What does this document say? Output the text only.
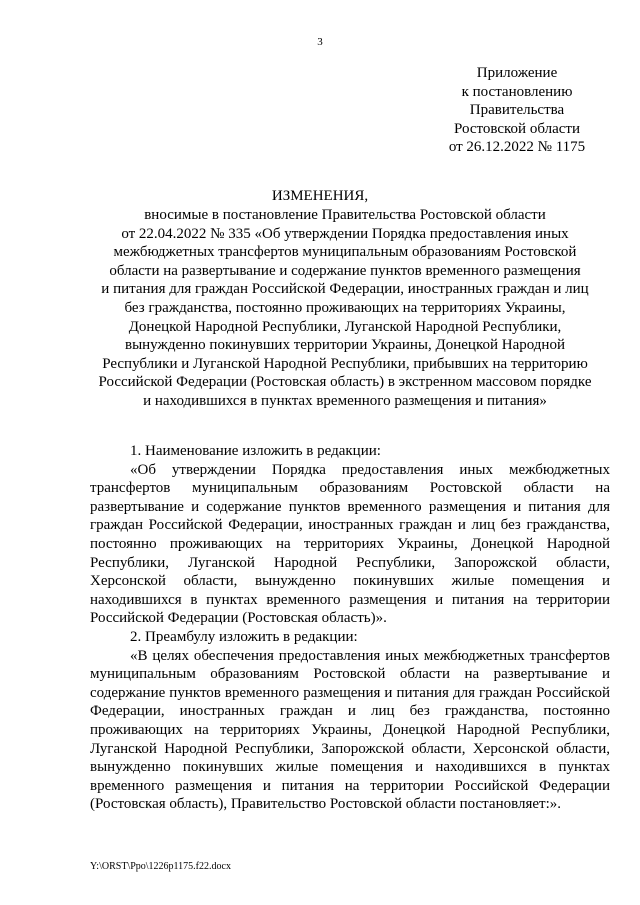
3
Приложение
к постановлению
Правительства
Ростовской области
от 26.12.2022 № 1175
ИЗМЕНЕНИЯ,
вносимые в постановление Правительства Ростовской области
от 22.04.2022 № 335 «Об утверждении Порядка предоставления иных
межбюджетных трансфертов муниципальным образованиям Ростовской
области на развертывание и содержание пунктов временного размещения
и питания для граждан Российской Федерации, иностранных граждан и лиц
без гражданства, постоянно проживающих на территориях Украины,
Донецкой Народной Республики, Луганской Народной Республики,
вынужденно покинувших территории Украины, Донецкой Народной
Республики и Луганской Народной Республики, прибывших на территорию
Российской Федерации (Ростовская область) в экстренном массовом порядке
и находившихся в пунктах временного размещения и питания»
1. Наименование изложить в редакции:
«Об утверждении Порядка предоставления иных межбюджетных трансфертов муниципальным образованиям Ростовской области на развертывание и содержание пунктов временного размещения и питания для граждан Российской Федерации, иностранных граждан и лиц без гражданства, постоянно проживающих на территориях Украины, Донецкой Народной Республики, Луганской Народной Республики, Запорожской области, Херсонской области, вынужденно покинувших жилые помещения и находившихся в пунктах временного размещения и питания на территории Российской Федерации (Ростовская область)».
2. Преамбулу изложить в редакции:
«В целях обеспечения предоставления иных межбюджетных трансфертов муниципальным образованиям Ростовской области на развертывание и содержание пунктов временного размещения и питания для граждан Российской Федерации, иностранных граждан и лиц без гражданства, постоянно проживающих на территориях Украины, Донецкой Народной Республики, Луганской Народной Республики, Запорожской области, Херсонской области, вынужденно покинувших жилые помещения и находившихся в пунктах временного размещения и питания на территории Российской Федерации (Ростовская область), Правительство Ростовской области постановляет:».
Y:\ORST\Ppo\1226p1175.f22.docx
